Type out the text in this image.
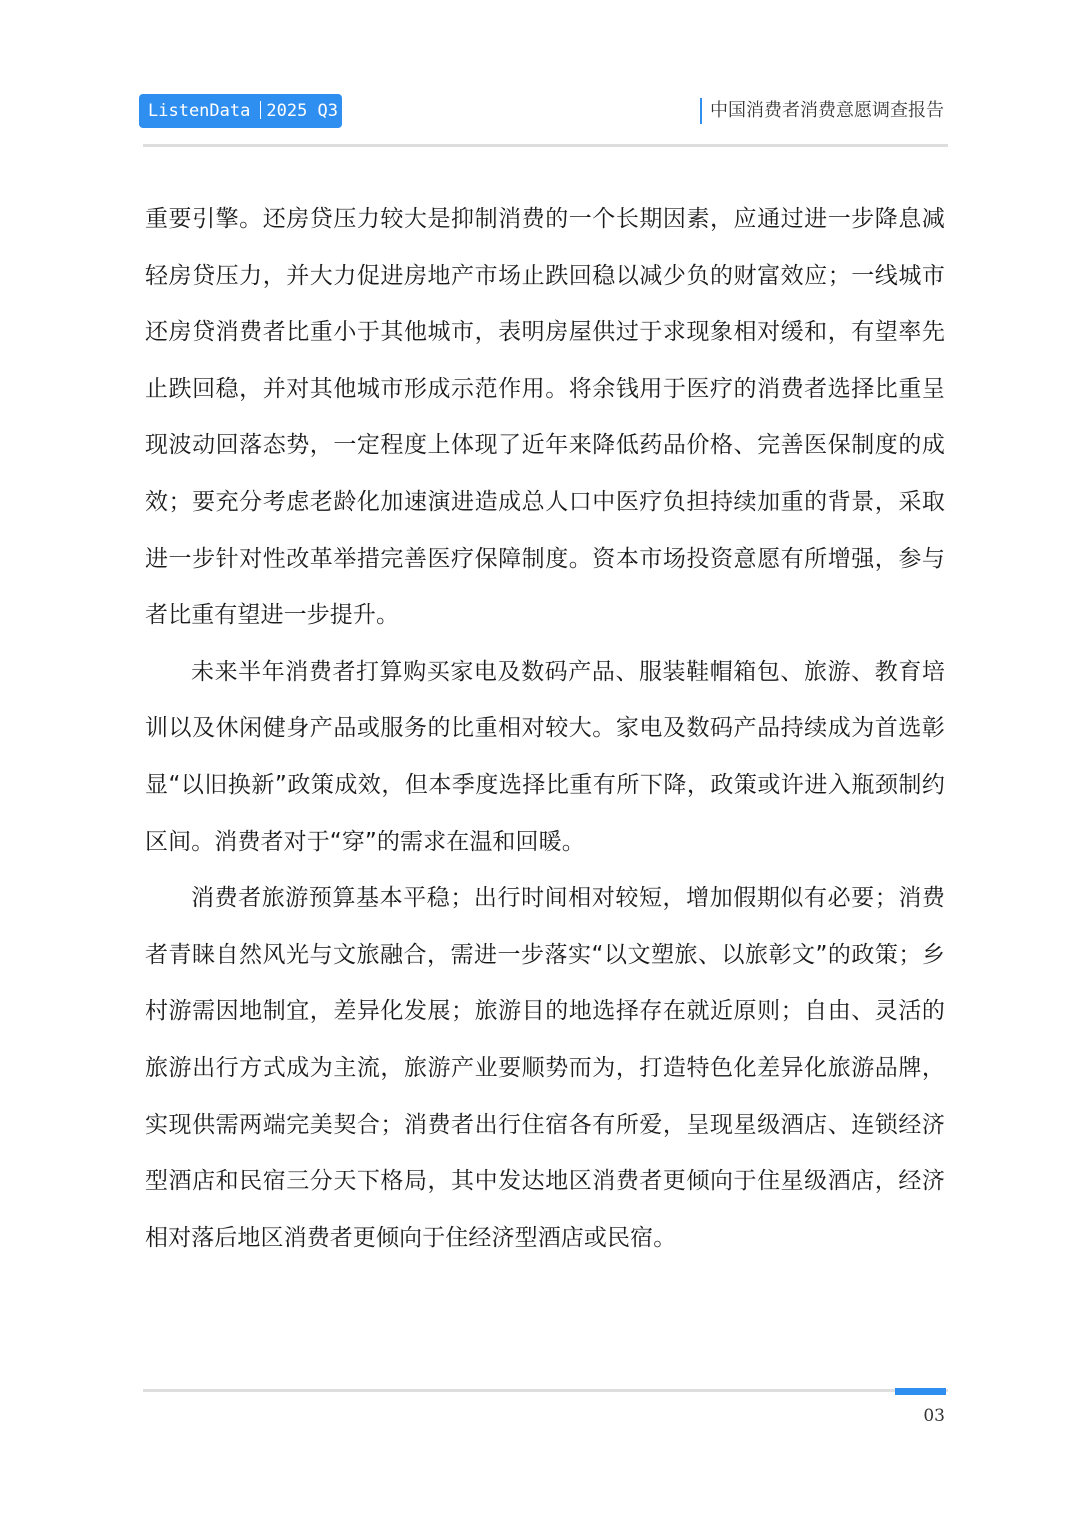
ListenData 2025 Q3	中国消费者消费意愿调查报告

重要引擎。还房贷压力较大是抑制消费的一个长期因素，应通过进一步降息减轻房贷压力，并大力促进房地产市场止跌回稳以减少负的财富效应；一线城市还房贷消费者比重小于其他城市，表明房屋供过于求现象相对缓和，有望率先止跌回稳，并对其他城市形成示范作用。将余钱用于医疗的消费者选择比重呈现波动回落态势，一定程度上体现了近年来降低药品价格、完善医保制度的成效；要充分考虑老龄化加速演进造成总人口中医疗负担持续加重的背景，采取进一步针对性改革举措完善医疗保障制度。资本市场投资意愿有所增强，参与者比重有望进一步提升。

未来半年消费者打算购买家电及数码产品、服装鞋帽箱包、旅游、教育培训以及休闲健身产品或服务的比重相对较大。家电及数码产品持续成为首选彰显“以旧换新”政策成效，但本季度选择比重有所下降，政策或许进入瓶颈制约区间。消费者对于“穿”的需求在温和回暖。

消费者旅游预算基本平稳；出行时间相对较短，增加假期似有必要；消费者青睐自然风光与文旅融合，需进一步落实“以文塑旅、以旅彰文”的政策；乡村游需因地制宜，差异化发展；旅游目的地选择存在就近原则；自由、灵活的旅游出行方式成为主流，旅游产业要顺势而为，打造特色化差异化旅游品牌，实现供需两端完美契合；消费者出行住宿各有所爱，呈现星级酒店、连锁经济型酒店和民宿三分天下格局，其中发达地区消费者更倾向于住星级酒店，经济相对落后地区消费者更倾向于住经济型酒店或民宿。

03
